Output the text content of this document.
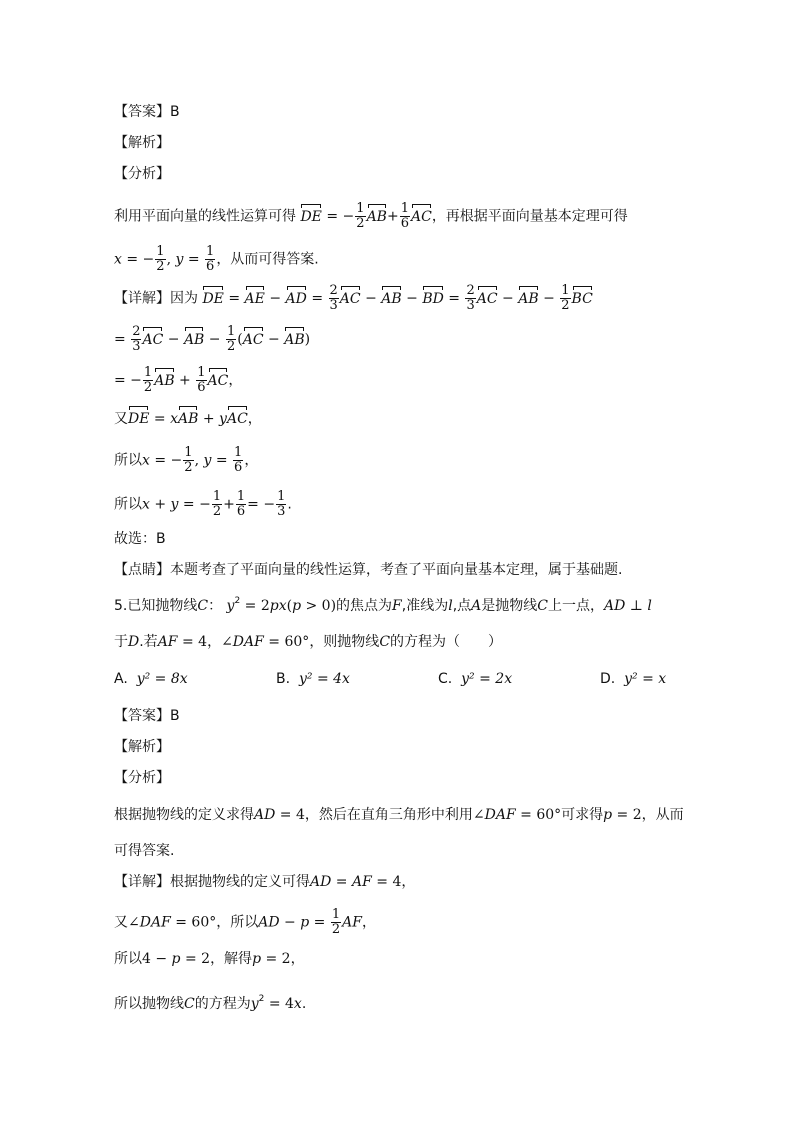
【答案】B
【解析】
【分析】
利用平面向量的线性运算可得 DE = − $\frac{1}{2} AB+ \frac{1}{6}$ AC，再根据平面向量基本定理可得
x = − $\frac{1}{2}$ , $y = \frac{1}{6}$ ，从而可得答案.
【详解】因为 DE = AE − AD = $\frac{2}{3}$ AC − AB − BD = $\frac{2}{3}$ AC − AB − $\frac{1}{2}$ BC
= $\frac{2}{3}$ AC − AB − $\frac{1}{2} (AC - AB)$
= − $\frac{1}{2}$ AB + $\frac{1}{6}$ AC，
又DE = xAB + yAC，
所以x = − $\frac{1}{2}$ , $y = \frac{1}{6}$ ，
所以x + y = − $\frac{1}{2} + \frac{1}{6}$ = − $\frac{1}{3}$ .
故选：B
【点睛】本题考查了平面向量的线性运算，考查了平面向量基本定理，属于基础题.
5.已知抛物线C： $y^2 = 2px(p > 0)$的焦点为F,准线为l,点A是抛物线C上一点，AD ⊥ l
于D.若AF = 4，∠DAF = 60°，则抛物线C的方程为（　　）
A. y² = 8x	B. y² = 4x	C. y² = 2x	D. y² = x
【答案】B
【解析】
【分析】
根据抛物线的定义求得AD = 4，然后在直角三角形中利用∠DAF = 60°可求得p = 2，从而
可得答案.
【详解】根据抛物线的定义可得AD = AF = 4，
又∠DAF = 60°，所以AD − $p = \frac{1}{2}$ AF，
所以4 − p = 2，解得p = 2，
所以抛物线C的方程为$y^2 = 4x$.
